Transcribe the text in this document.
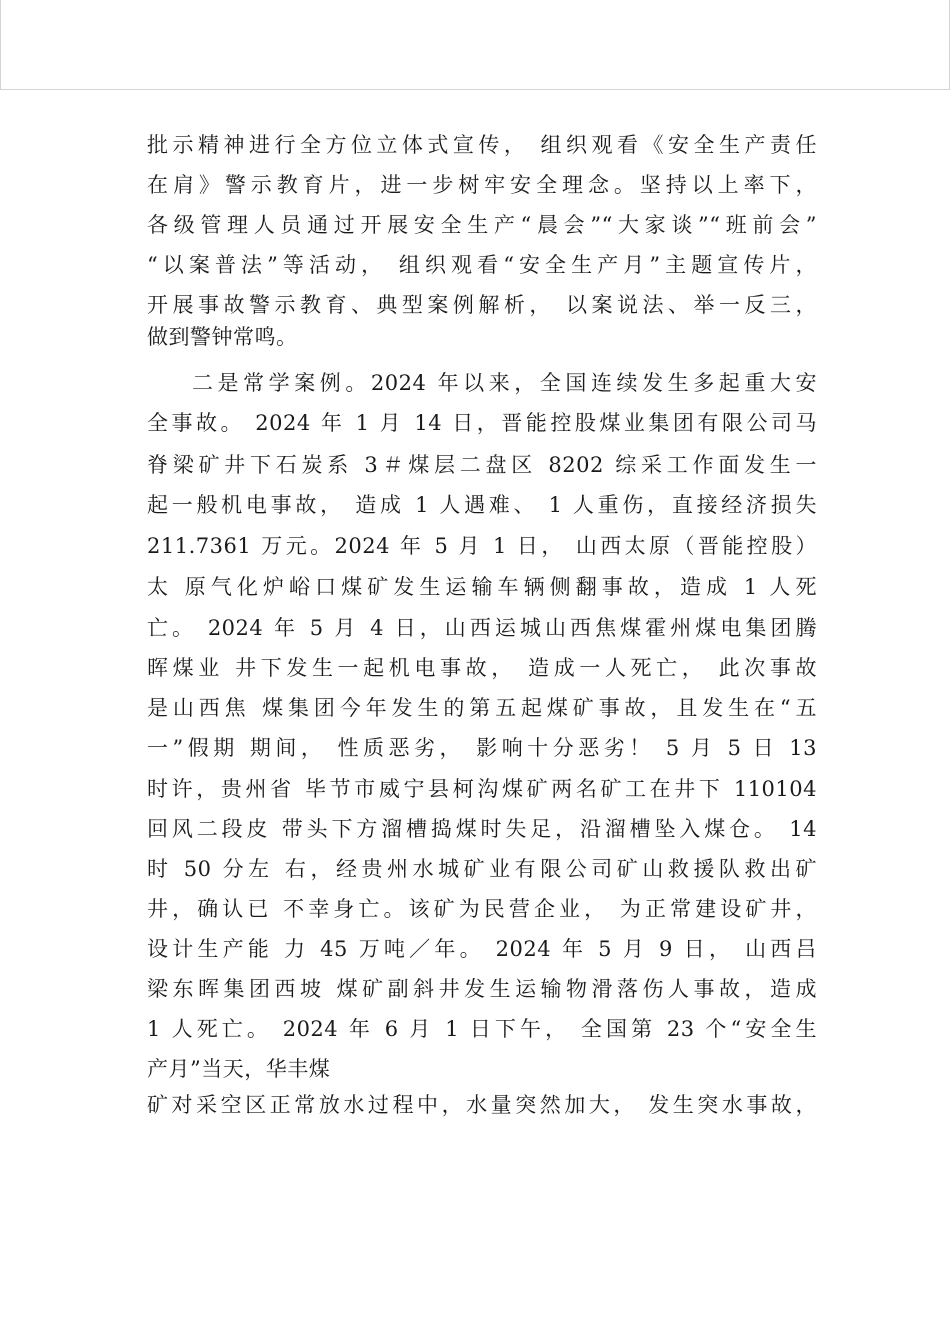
批示精神进行全方位立体式宣传， 组织观看《安全生产责任
在肩》警示教育片，进一步树牢安全理念。坚持以上率下，
各级管理人员通过开展安全生产“晨会”“大家谈”“班前会”
“以案普法”等活动， 组织观看“安全生产月”主题宣传片，
开展事故警示教育、典型案例解析， 以案说法、举一反三，
做到警钟常鸣。
二是常学案例。2024 年以来，全国连续发生多起重大安
全事故。 2024 年 1 月 14 日，晋能控股煤业集团有限公司马
脊梁矿井下石炭系 3＃煤层二盘区 8202 综采工作面发生一
起一般机电事故， 造成 1 人遇难、 1 人重伤，直接经济损失
211.7361 万元。2024 年 5 月 1 日， 山西太原（晋能控股）
太 原气化炉峪口煤矿发生运输车辆侧翻事故，造成 1 人死
亡。 2024 年 5 月 4 日，山西运城山西焦煤霍州煤电集团腾
晖煤业 井下发生一起机电事故， 造成一人死亡， 此次事故
是山西焦 煤集团今年发生的第五起煤矿事故，且发生在“五
一”假期 期间， 性质恶劣， 影响十分恶劣！ 5 月 5 日 13
时许，贵州省 毕节市威宁县柯沟煤矿两名矿工在井下 110104
回风二段皮 带头下方溜槽捣煤时失足，沿溜槽坠入煤仓。 14
时 50 分左 右，经贵州水城矿业有限公司矿山救援队救出矿
井，确认已 不幸身亡。该矿为民营企业， 为正常建设矿井，
设计生产能 力 45 万吨／年。 2024 年 5 月 9 日， 山西吕
梁东晖集团西坡 煤矿副斜井发生运输物滑落伤人事故，造成
1 人死亡。 2024 年 6 月 1 日下午， 全国第 23 个“安全生
产月”当天，华丰煤
矿对采空区正常放水过程中，水量突然加大， 发生突水事故，
